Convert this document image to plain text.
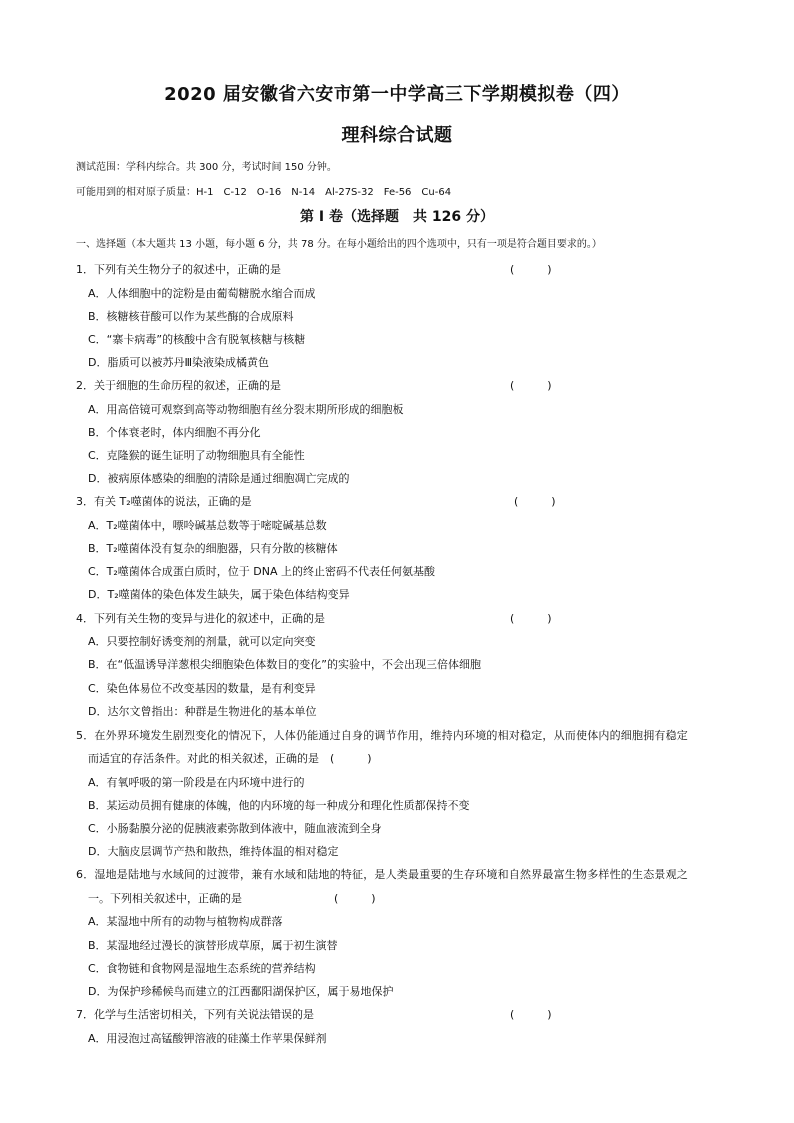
2020 届安徽省六安市第一中学高三下学期模拟卷（四）
理科综合试题
测试范围：学科内综合。共 300 分，考试时间 150 分钟。
可能用到的相对原子质量：H-1　C-12　O-16　N-14　Al-27S-32　Fe-56　Cu-64
第 I 卷（选择题　共 126 分）
一、选择题（本大题共 13 小题，每小题 6 分，共 78 分。在每小题给出的四个选项中，只有一项是符合题目要求的。）
1．下列有关生物分子的叙述中，正确的是	(　　　)
A．人体细胞中的淀粉是由葡萄糖脱水缩合而成
B．核糖核苷酸可以作为某些酶的合成原料
C．“寨卡病毒”的核酸中含有脱氧核糖与核糖
D．脂质可以被苏丹Ⅲ染液染成橘黄色
2．关于细胞的生命历程的叙述，正确的是	(　　　)
A．用高倍镜可观察到高等动物细胞有丝分裂末期所形成的细胞板
B．个体衰老时，体内细胞不再分化
C．克隆猴的诞生证明了动物细胞具有全能性
D．被病原体感染的细胞的清除是通过细胞凋亡完成的
3．有关 T₂噬菌体的说法，正确的是	(　　　)
A．T₂噬菌体中，嘌呤碱基总数等于嘧啶碱基总数
B．T₂噬菌体没有复杂的细胞器，只有分散的核糖体
C．T₂噬菌体合成蛋白质时，位于 DNA 上的终止密码不代表任何氨基酸
D．T₂噬菌体的染色体发生缺失，属于染色体结构变异
4．下列有关生物的变异与进化的叙述中，正确的是	(　　　)
A．只要控制好诱变剂的剂量，就可以定向突变
B．在“低温诱导洋葱根尖细胞染色体数目的变化”的实验中，不会出现三倍体细胞
C．染色体易位不改变基因的数量，是有利变异
D．达尔文曾指出：种群是生物进化的基本单位
5．在外界环境发生剧烈变化的情况下，人体仍能通过自身的调节作用，维持内环境的相对稳定，从而使体内的细胞拥有稳定
而适宜的存活条件。对此的相关叙述，正确的是　(　　　)
A．有氧呼吸的第一阶段是在内环境中进行的
B．某运动员拥有健康的体魄，他的内环境的每一种成分和理化性质都保持不变
C．小肠黏膜分泌的促胰液素弥散到体液中，随血液流到全身
D．大脑皮层调节产热和散热，维持体温的相对稳定
6．湿地是陆地与水域间的过渡带，兼有水域和陆地的特征，是人类最重要的生存环境和自然界最富生物多样性的生态景观之
一。下列相关叙述中，正确的是	(　　　)
A．某湿地中所有的动物与植物构成群落
B．某湿地经过漫长的演替形成草原，属于初生演替
C．食物链和食物网是湿地生态系统的营养结构
D．为保护珍稀候鸟而建立的江西鄱阳湖保护区，属于易地保护
7．化学与生活密切相关，下列有关说法错误的是	(　　　)
A．用浸泡过高锰酸钾溶液的硅藻土作苹果保鲜剂
